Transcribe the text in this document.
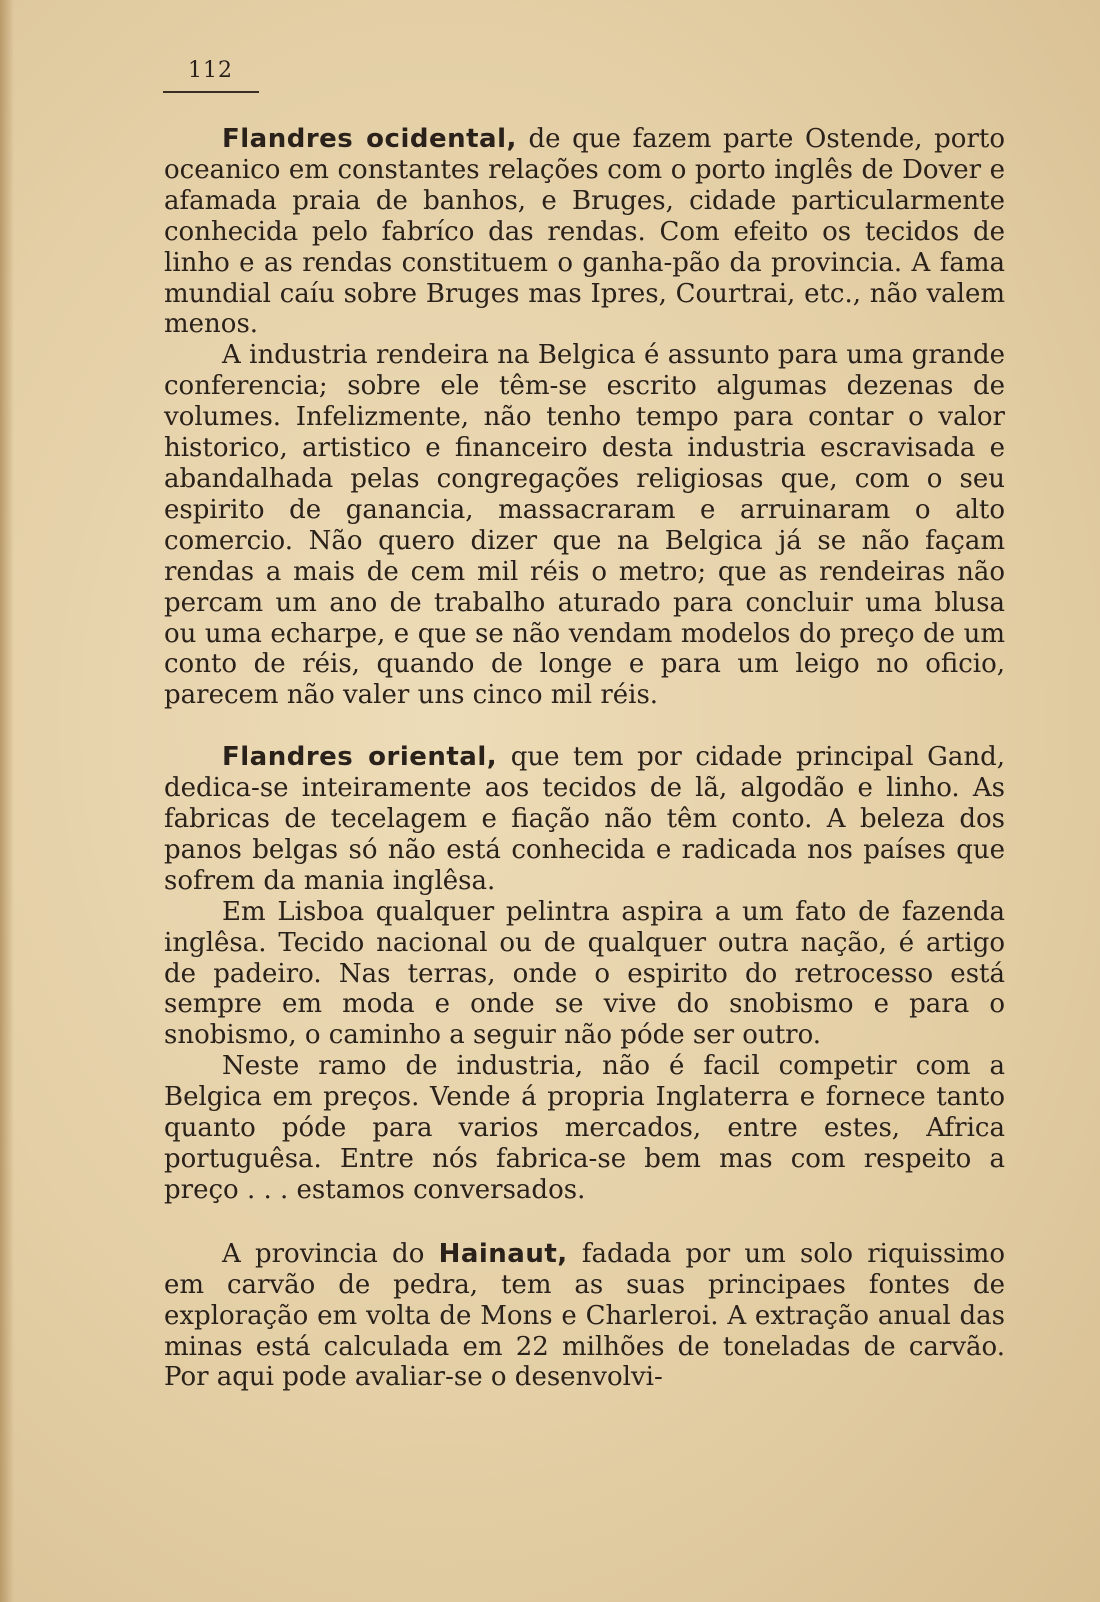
112

Flandres ocidental, de que fazem parte Ostende, porto oceanico em constantes relações com o porto inglês de Dover e afamada praia de banhos, e Bruges, cidade particularmente conhecida pelo fabríco das rendas. Com efeito os tecidos de linho e as rendas constituem o ganha-pão da provincia. A fama mundial caíu sobre Bruges mas Ipres, Courtrai, etc., não valem menos.

A industria rendeira na Belgica é assunto para uma grande conferencia; sobre ele têm-se escrito algumas dezenas de volumes. Infelizmente, não tenho tempo para contar o valor historico, artistico e financeiro desta industria escravisada e abandalhada pelas congregações religiosas que, com o seu espirito de ganancia, massacraram e arruinaram o alto comercio. Não quero dizer que na Belgica já se não façam rendas a mais de cem mil réis o metro; que as rendeiras não percam um ano de trabalho aturado para concluir uma blusa ou uma echarpe, e que se não vendam modelos do preço de um conto de réis, quando de longe e para um leigo no oficio, parecem não valer uns cinco mil réis.

Flandres oriental, que tem por cidade principal Gand, dedica-se inteiramente aos tecidos de lã, algodão e linho. As fabricas de tecelagem e fiação não têm conto. A beleza dos panos belgas só não está conhecida e radicada nos países que sofrem da mania inglêsa.

Em Lisboa qualquer pelintra aspira a um fato de fazenda inglêsa. Tecido nacional ou de qualquer outra nação, é artigo de padeiro. Nas terras, onde o espirito do retrocesso está sempre em moda e onde se vive do snobismo e para o snobismo, o caminho a seguir não póde ser outro.

Neste ramo de industria, não é facil competir com a Belgica em preços. Vende á propria Inglaterra e fornece tanto quanto póde para varios mercados, entre estes, Africa portuguêsa. Entre nós fabrica-se bem mas com respeito a preço . . . estamos conversados.

A provincia do Hainaut, fadada por um solo riquissimo em carvão de pedra, tem as suas principaes fontes de exploração em volta de Mons e Charleroi. A extração anual das minas está calculada em 22 milhões de toneladas de carvão. Por aqui pode avaliar-se o desenvolvi-
